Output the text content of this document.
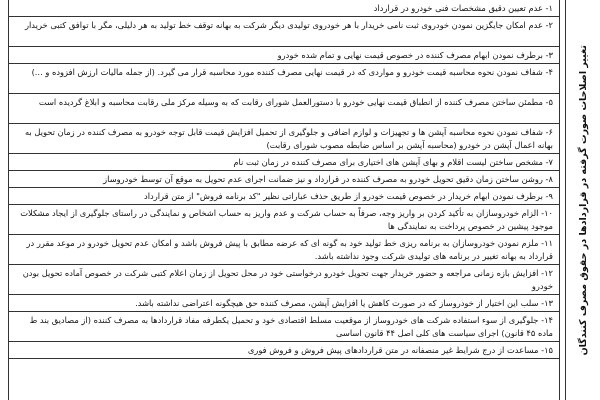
۱- عدم تعیین دقیق مشخصات فنی خودرو در قرارداد
۲- عدم امکان جایگزین نمودن خودروی ثبت نامی خریدار با هر خودروی تولیدی دیگر شرکت به بهانه توقف خط تولید به هر دلیلی، مگر با توافق کتبی خریدار
۳- برطرف نمودن ابهام مصرف کننده در خصوص قیمت نهایی و تمام شده خودرو
۴- شفاف نمودن نحوه محاسبه قیمت خودرو و مواردی که در قیمت نهایی مصرف کننده مورد محاسبه قرار می گیرد. (از جمله مالیات ارزش افزوده و ...)
۵- مطمئن ساختن مصرف کننده از انطباق قیمت نهایی خودرو با دستورالعمل شورای رقابت که به وسیله مرکز ملی رقابت محاسبه و ابلاغ گردیده است
۶- شفاف نمودن نحوه محاسبه آپشن ها و تجهیزات و لوازم اضافی و جلوگیری از تحمیل افزایش قیمت قابل توجه خودرو به مصرف کننده در زمان تحویل به بهانه اعمال آپشن در خودرو (محاسبه آپشن بر اساس ضابطه مصوب شورای رقابت)
۷- مشخص ساختن لیست اقلام و بهای آپشن های اختیاری برای مصرف کننده در زمان ثبت نام
۸- روشن ساختن زمان دقیق تحویل خودرو به مصرف کننده در قرارداد و نیز ضمانت اجرای عدم تحویل به موقع آن توسط خودروساز
۹- برطرف نمودن ابهام خریدار در خصوص قیمت خودرو از طریق حذف عباراتی نظیر "کد برنامه فروش" از متن قرارداد
۱۰- الزام خودروسازان به تأکید کردن بر واریز وجه، صرفاً به حساب شرکت و عدم واریز به حساب اشخاص و نمایندگی در راستای جلوگیری از ایجاد مشکلات موجود پیشین در خصوص پرداخت به نمایندگی ها
۱۱- ملزم نمودن خودروسازان به برنامه ریزی خط تولید خود به گونه ای که عرضه مطابق با پیش فروش باشد و امکان عدم تحویل خودرو در موعد مقرر در قرارداد به بهانه تغییر در برنامه های تولیدی شرکت وجود نداشته باشد.
۱۲- افزایش بازه زمانی مراجعه و حضور خریدار جهت تحویل خودرو درخواستی خود در محل تحویل از زمان اعلام کتبی شرکت در خصوص آماده تحویل بودن خودرو
۱۳- سلب این اختیار از خودروساز که در صورت کاهش یا افزایش آپشن، مصرف کننده حق هیچگونه اعتراضی نداشته باشد.
۱۴- جلوگیری از سوء استفاده شرکت های خودروساز از موقعیت مسلط اقتصادی خود و تحمیل یکطرفه مفاد قراردادها به مصرف کننده (از مصادیق بند ط ماده ۴۵ قانون) اجرای سیاست های کلی اصل ۴۴ قانون اساسی
۱۵- مساعدت از درج شرایط غیر منصفانه در متن قراردادهای پیش فروش و فروش فوری	تغییر اصلاحات صورت گرفته در قراردادها در حقوق مصرف کنندگان
